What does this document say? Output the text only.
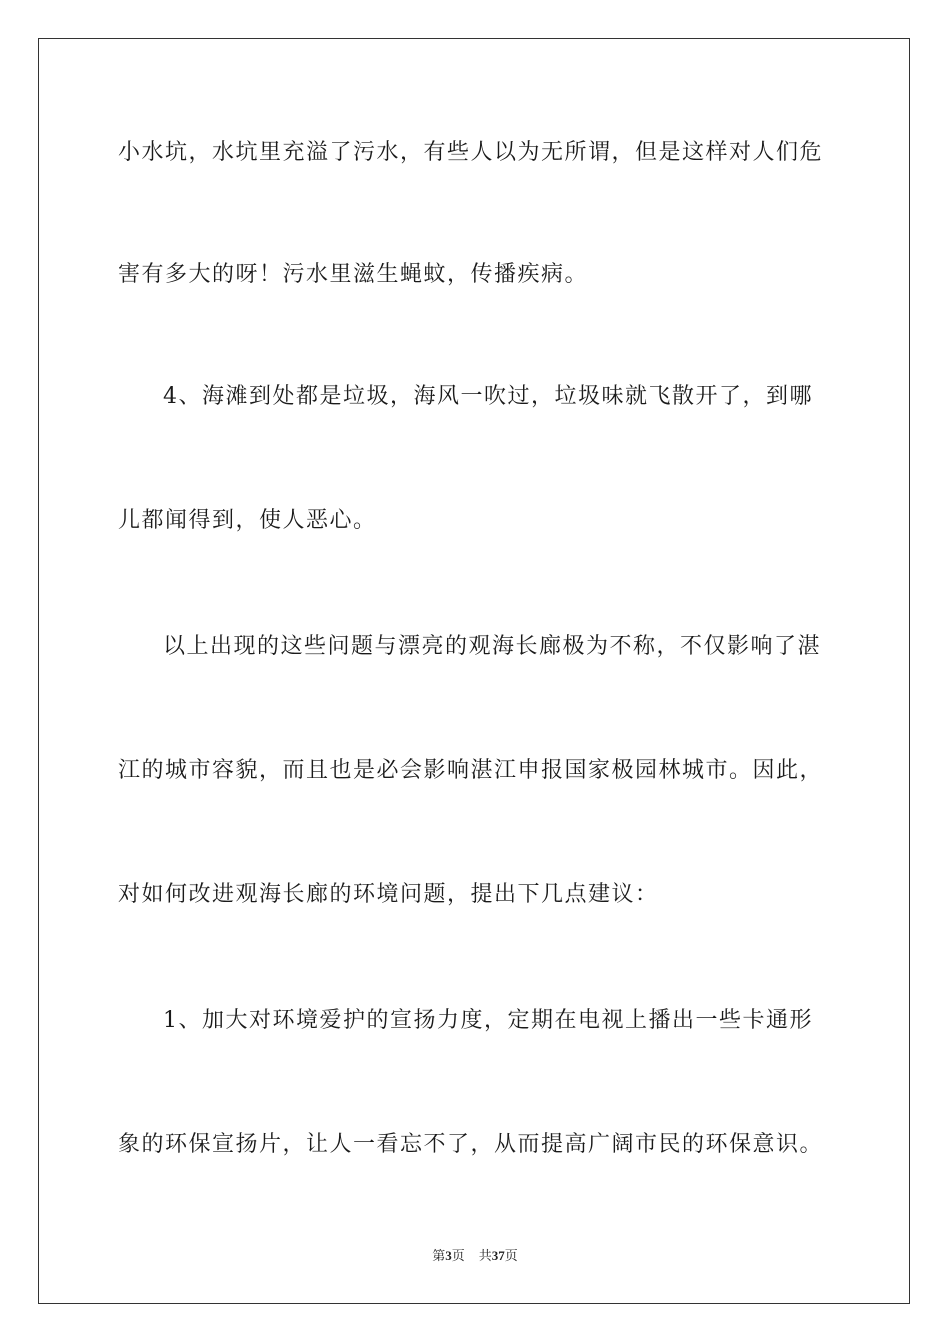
小水坑，水坑里充溢了污水，有些人以为无所谓，但是这样对人们危
害有多大的呀！污水里滋生蝇蚊，传播疾病。
4、海滩到处都是垃圾，海风一吹过，垃圾味就飞散开了，到哪
儿都闻得到，使人恶心。
以上出现的这些问题与漂亮的观海长廊极为不称，不仅影响了湛
江的城市容貌，而且也是必会影响湛江申报国家极园林城市。因此，
对如何改进观海长廊的环境问题，提出下几点建议：
1、加大对环境爱护的宣扬力度，定期在电视上播出一些卡通形
象的环保宣扬片，让人一看忘不了，从而提高广阔市民的环保意识。
第3页 共37页
